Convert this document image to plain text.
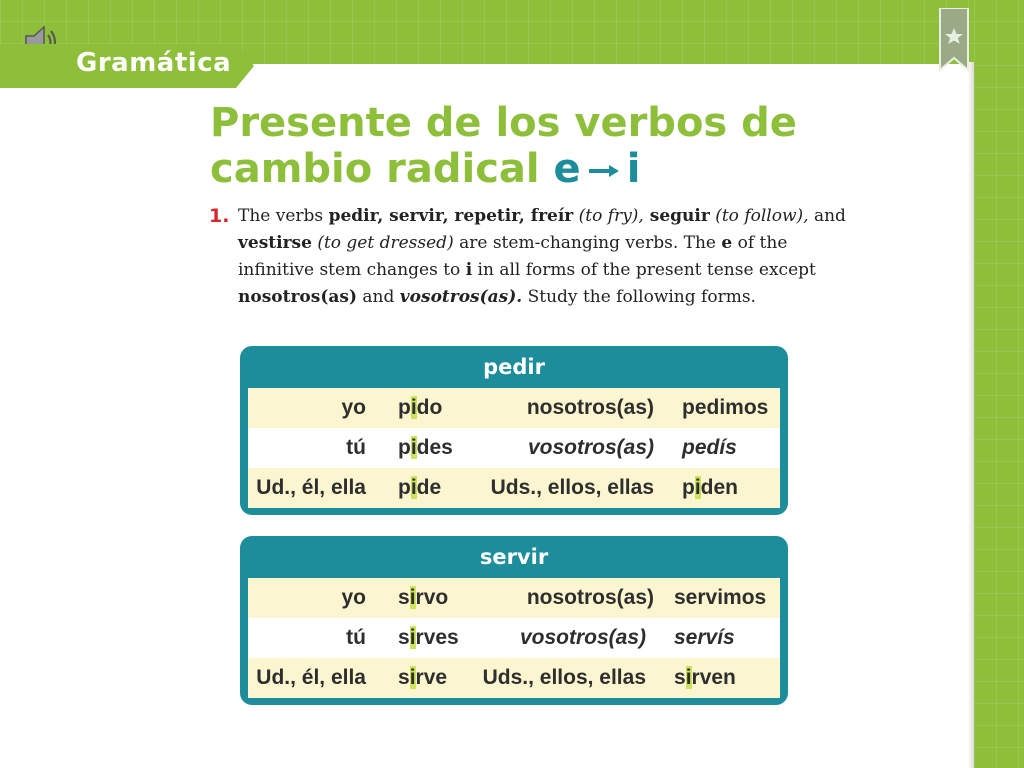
Gramática
Presente de los verbos de
cambio radical e i
1. The verbs pedir, servir, repetir, freír (to fry), seguir (to follow), and
vestirse (to get dressed) are stem-changing verbs. The e of the infinitive stem changes to i in all forms of the present tense except nosotros(as) and vosotros(as). Study the following forms.
pedir
yo pido	nosotros(as) pedimos
tú pides	vosotros(as) pedís
Ud., él, ella pide Uds., ellos, ellas piden
servir
yo sirvo	nosotros(as) servimos
tú sirves	vosotros(as) servís
Ud., él, ella sirve Uds., ellos, ellas sirven
